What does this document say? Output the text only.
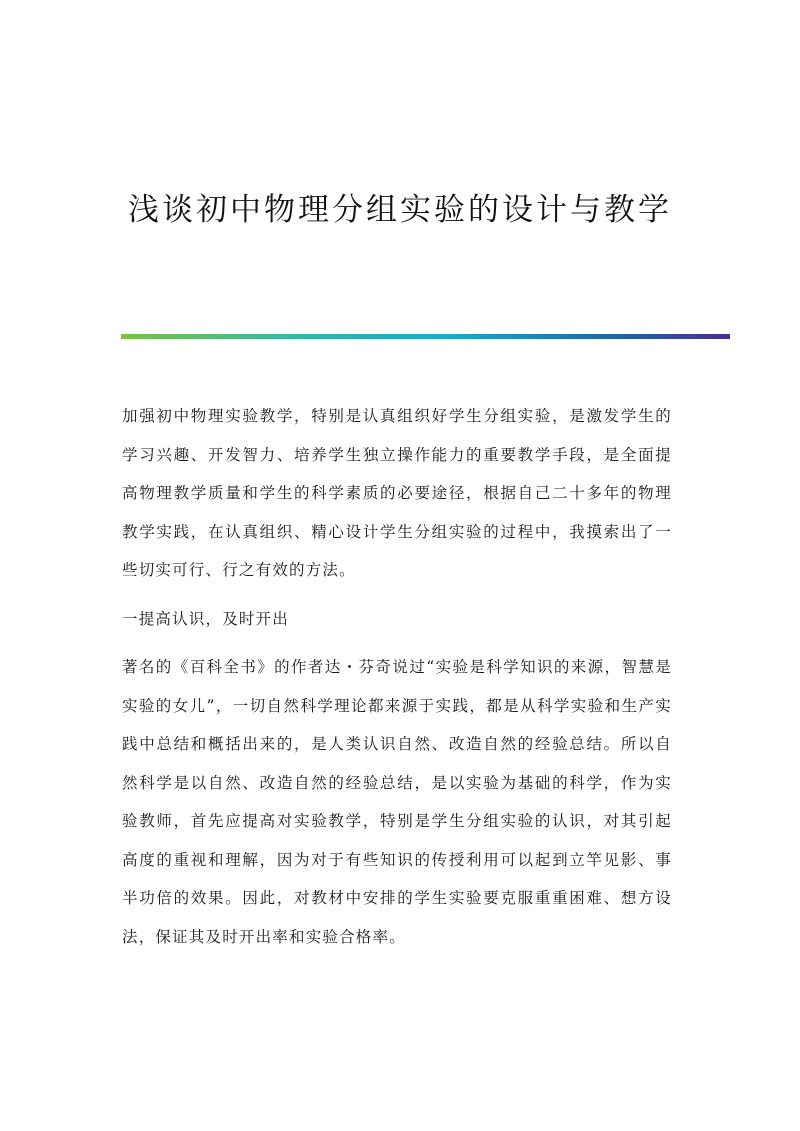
浅谈初中物理分组实验的设计与教学

加强初中物理实验教学，特别是认真组织好学生分组实验，是激发学生的学习兴趣、开发智力、培养学生独立操作能力的重要教学手段，是全面提高物理教学质量和学生的科学素质的必要途径，根据自己二十多年的物理教学实践，在认真组织、精心设计学生分组实验的过程中，我摸索出了一些切实可行、行之有效的方法。

一提高认识，及时开出

著名的《百科全书》的作者达・芬奇说过“实验是科学知识的来源，智慧是实验的女儿”，一切自然科学理论都来源于实践，都是从科学实验和生产实践中总结和概括出来的，是人类认识自然、改造自然的经验总结。所以自然科学是以自然、改造自然的经验总结，是以实验为基础的科学，作为实验教师，首先应提高对实验教学，特别是学生分组实验的认识，对其引起高度的重视和理解，因为对于有些知识的传授利用可以起到立竿见影、事半功倍的效果。因此，对教材中安排的学生实验要克服重重困难、想方设法，保证其及时开出率和实验合格率。
